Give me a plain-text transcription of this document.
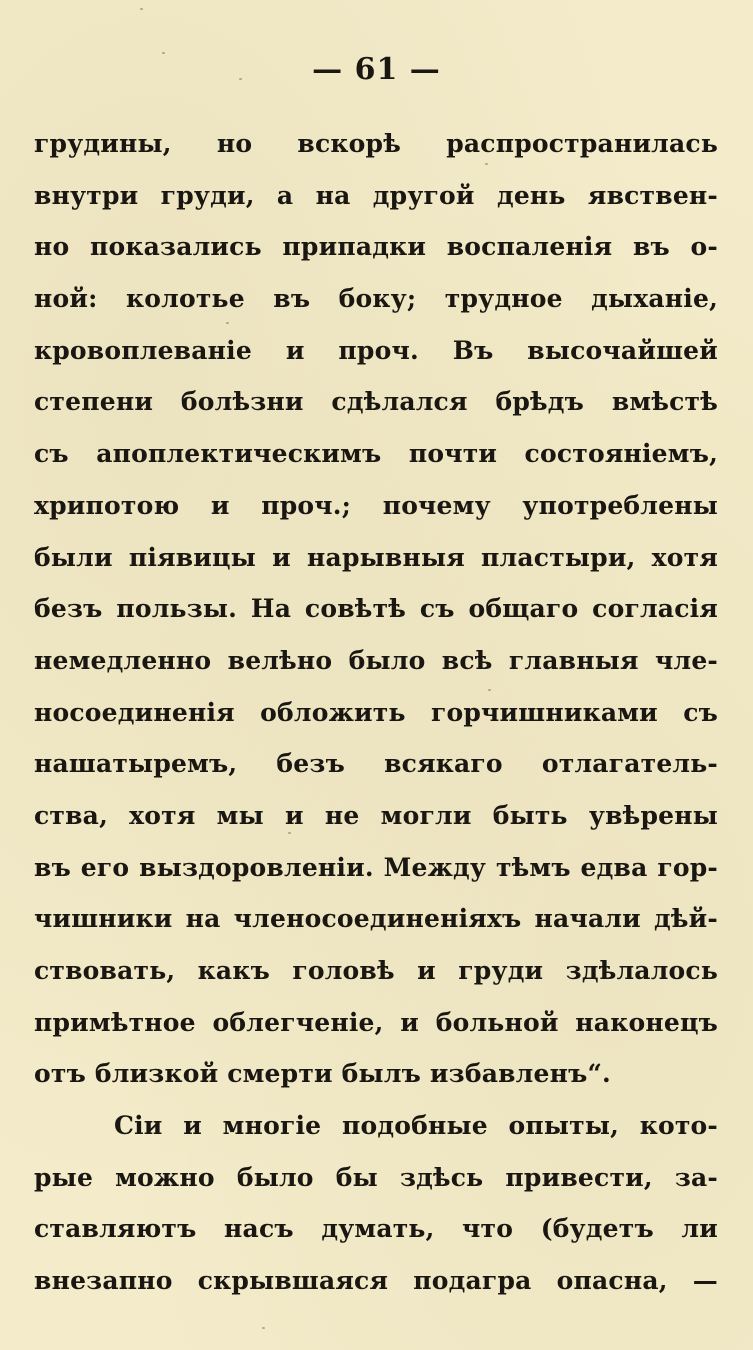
— 61 —
грудины, но вскорѣ распространилась
внутри груди, а на другой день явствен-
но показались припадки воспаленія въ о-
ной: колотье въ боку; трудное дыханіе,
кровоплеваніе и проч. Въ высочайшей
степени болѣзни сдѣлался брѣдъ вмѣстѣ
съ апоплектическимъ почти состояніемъ,
хрипотою и проч.; почему употреблены
были піявицы и нарывныя пластыри, хотя
безъ пользы. На совѣтѣ съ общаго согласія
немедленно велѣно было всѣ главныя чле-
носоединенія обложить горчишниками съ
нашатыремъ, безъ всякаго отлагатель-
ства, хотя мы и не могли быть увѣрены
въ его выздоровленіи. Между тѣмъ едва гор-
чишники на членосоединеніяхъ начали дѣй-
ствовать, какъ головѣ и груди здѣлалось
примѣтное облегченіе, и больной наконецъ
отъ близкой смерти былъ избавленъ“.
Сіи и многіе подобные опыты, кото-
рые можно было бы здѣсь привести, за-
ставляютъ насъ думать, что (будетъ ли
внезапно скрывшаяся подагра опасна, —
